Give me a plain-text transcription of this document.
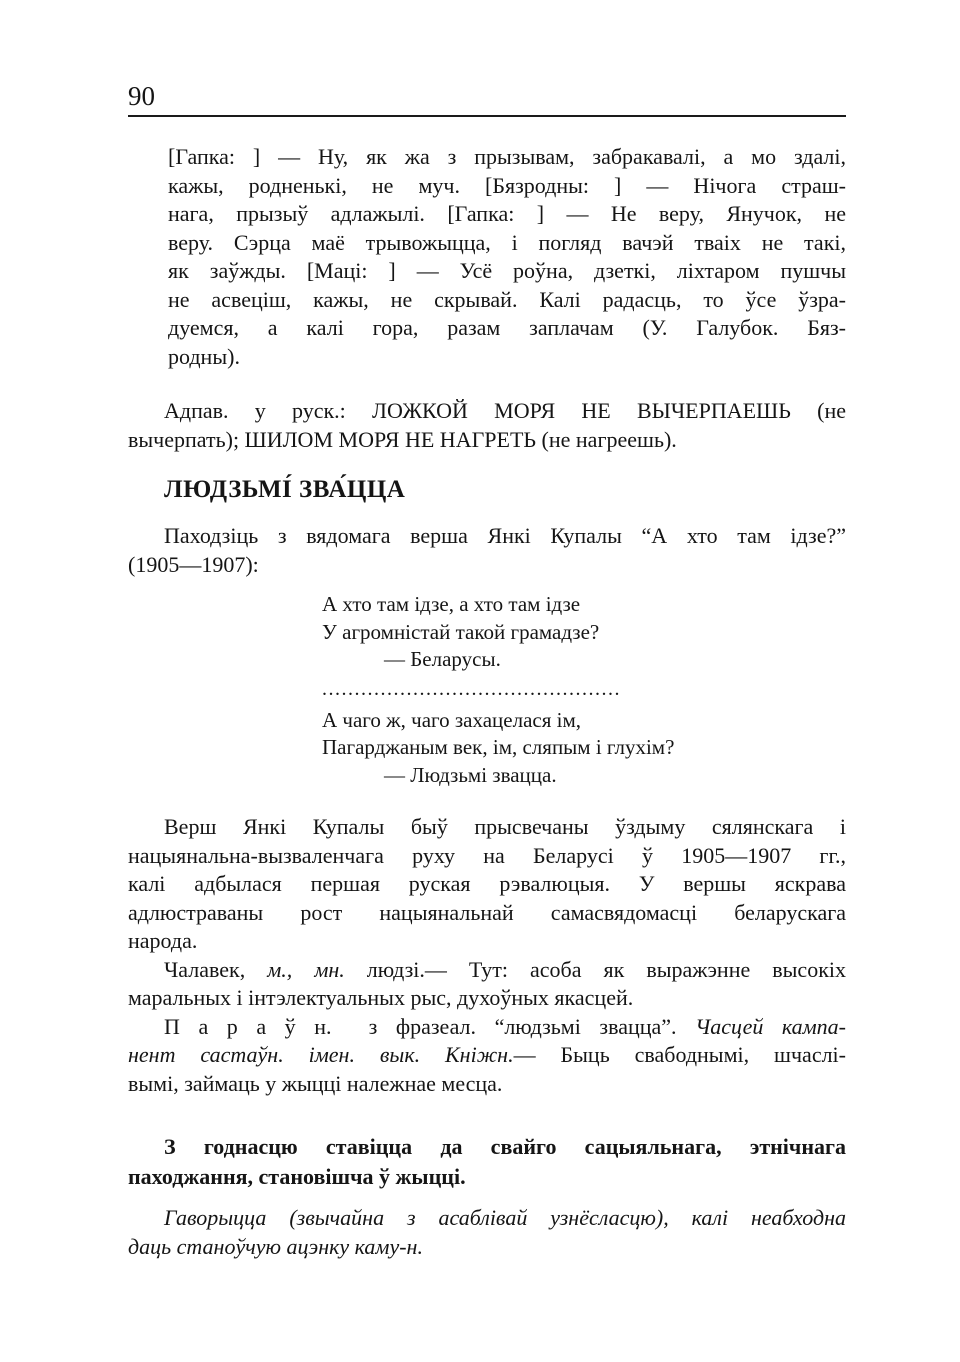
90
[Гапка: ] — Ну, як жа з прызывам, забракавалі, а мо здалі,
кажы, родненькі, не муч. [Бязродны: ] — Нічога страш-
нага, прызыў адлажылі. [Гапка: ] — Не веру, Янучок, не
веру. Сэрца маё трывожыцца, і погляд вачэй тваіх не такі,
як заўжды. [Маці: ] — Усё роўна, дзеткі, ліхтаром пушчы
не асвеціш, кажы, не скрывай. Калі радасць, то ўсе ўзра-
дуемся, а калі гора, разам заплачам (У. Галубок. Бяз-
родны).
Адпав. у руск.: ЛОЖКОЙ МОРЯ НЕ ВЫЧЕРПАЕШЬ (не
вычерпать); ШИЛОМ МОРЯ НЕ НАГРЕТЬ (не нагреешь).
ЛЮДЗЬМІ́ ЗВА́ЦЦА
Паходзіць з вядомага верша Янкі Купалы “А хто там ідзе?”
(1905—1907):
А хто там ідзе, а хто там ідзе
У агромністай такой грамадзе?
— Беларусы.
..............................................
А чаго ж, чаго захацелася ім,
Пагарджаным век, ім, сляпым і глухім?
— Людзьмі звацца.
Верш Янкі Купалы быў прысвечаны ўздыму сялянскага і
нацыянальна-вызваленчага руху на Беларусі ў 1905—1907 гг.,
калі адбылася першая руская рэвалюцыя. У вершы яскрава
адлюстраваны рост нацыянальнай самасвядомасці беларускага
народа.
Чалавек, м., мн. людзі.— Тут: асоба як выражэнне высокіх
маральных і інтэлектуальных рыс, духоўных якасцей.
П а р а ў н.  з фразеал. “людзьмі звацца”. Часцей кампа-
нент састаўн. імен. вык. Кніжн.— Быць свабоднымі, шчаслі-
вымі, займаць у жыцці належнае месца.
З годнасцю ставіцца да свайго сацыяльнага, этнічнага
паходжання, становішча ў жыцці.
Гаворыцца (звычайна з асаблівай узнёсласцю), калі неабходна
даць станоўчую ацэнку каму-н.
